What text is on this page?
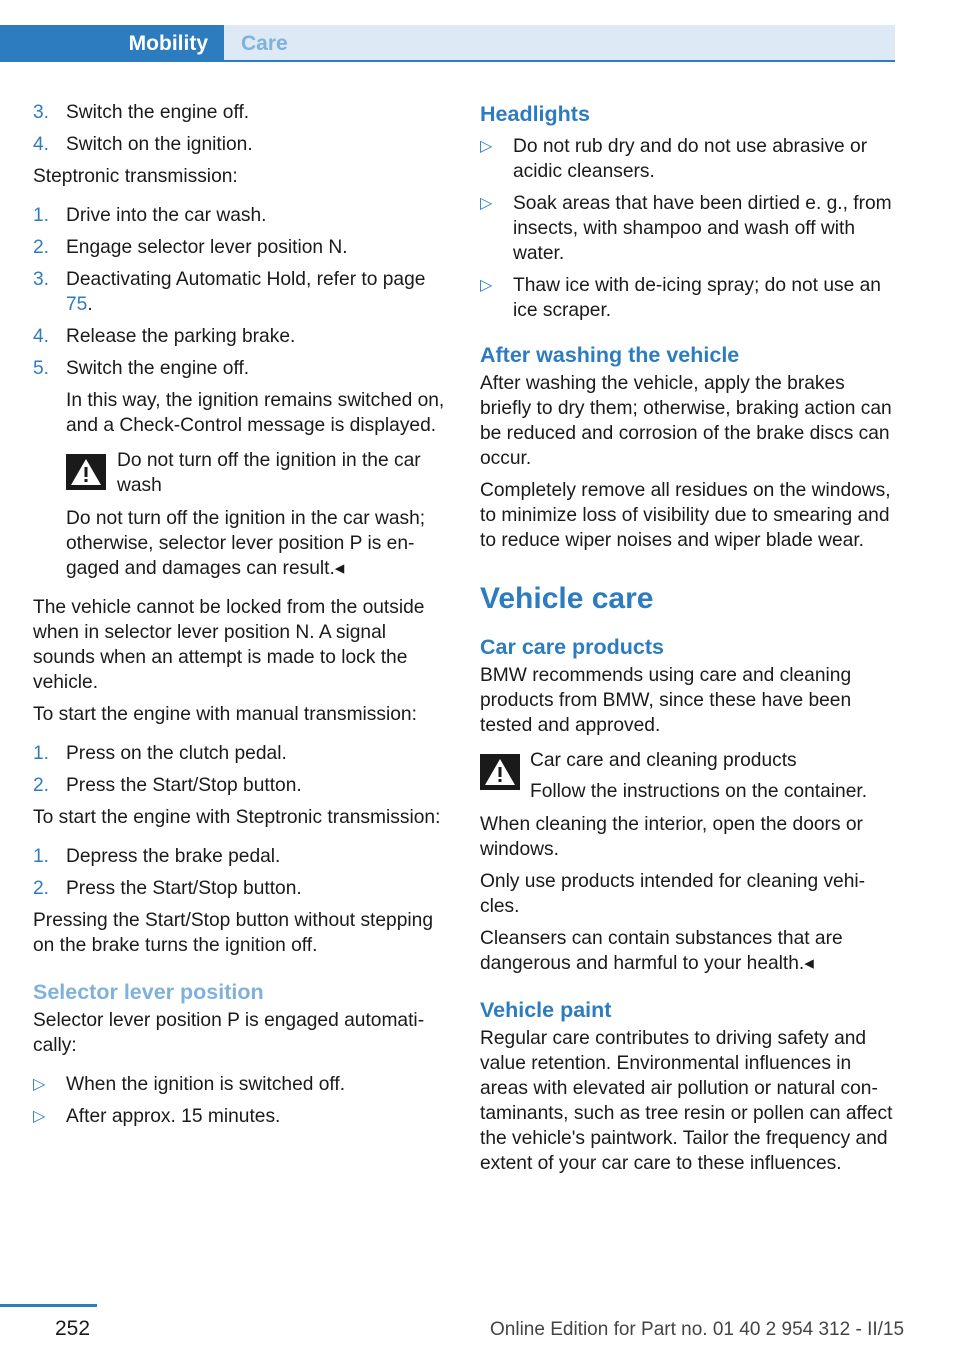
Mobility	Care
3. Switch the engine off.
4. Switch on the ignition.

Steptronic transmission:

1. Drive into the car wash.
2. Engage selector lever position N.
3. Deactivating Automatic Hold, refer to page 75.
4. Release the parking brake.
5. Switch the engine off.
In this way, the ignition remains switched on, and a Check-Control message is displayed.
Do not turn off the ignition in the car wash
Do not turn off the ignition in the car wash; otherwise, selector lever position P is engaged and damages can result.◂

The vehicle cannot be locked from the outside when in selector lever position N. A signal sounds when an attempt is made to lock the vehicle.

To start the engine with manual transmission:

1. Press on the clutch pedal.
2. Press the Start/Stop button.

To start the engine with Steptronic transmission:

1. Depress the brake pedal.
2. Press the Start/Stop button.

Pressing the Start/Stop button without stepping on the brake turns the ignition off.

Selector lever position

Selector lever position P is engaged automatically:

▷ When the ignition is switched off.
▷ After approx. 15 minutes.
Headlights
▷ Do not rub dry and do not use abrasive or acidic cleansers.
▷ Soak areas that have been dirtied e. g., from insects, with shampoo and wash off with water.
▷ Thaw ice with de-icing spray; do not use an ice scraper.
After washing the vehicle

After washing the vehicle, apply the brakes briefly to dry them; otherwise, braking action can be reduced and corrosion of the brake discs can occur.

Completely remove all residues on the windows, to minimize loss of visibility due to smearing and to reduce wiper noises and wiper blade wear.

Vehicle care
Car care products

BMW recommends using care and cleaning products from BMW, since these have been tested and approved.

Car care and cleaning products
Follow the instructions on the container.

When cleaning the interior, open the doors or windows.

Only use products intended for cleaning vehicles.

Cleansers can contain substances that are dangerous and harmful to your health.◂

Vehicle paint

Regular care contributes to driving safety and value retention. Environmental influences in areas with elevated air pollution or natural contaminants, such as tree resin or pollen can affect the vehicle's paintwork. Tailor the frequency and extent of your car care to these influences.

252	Online Edition for Part no. 01 40 2 954 312 - II/15
